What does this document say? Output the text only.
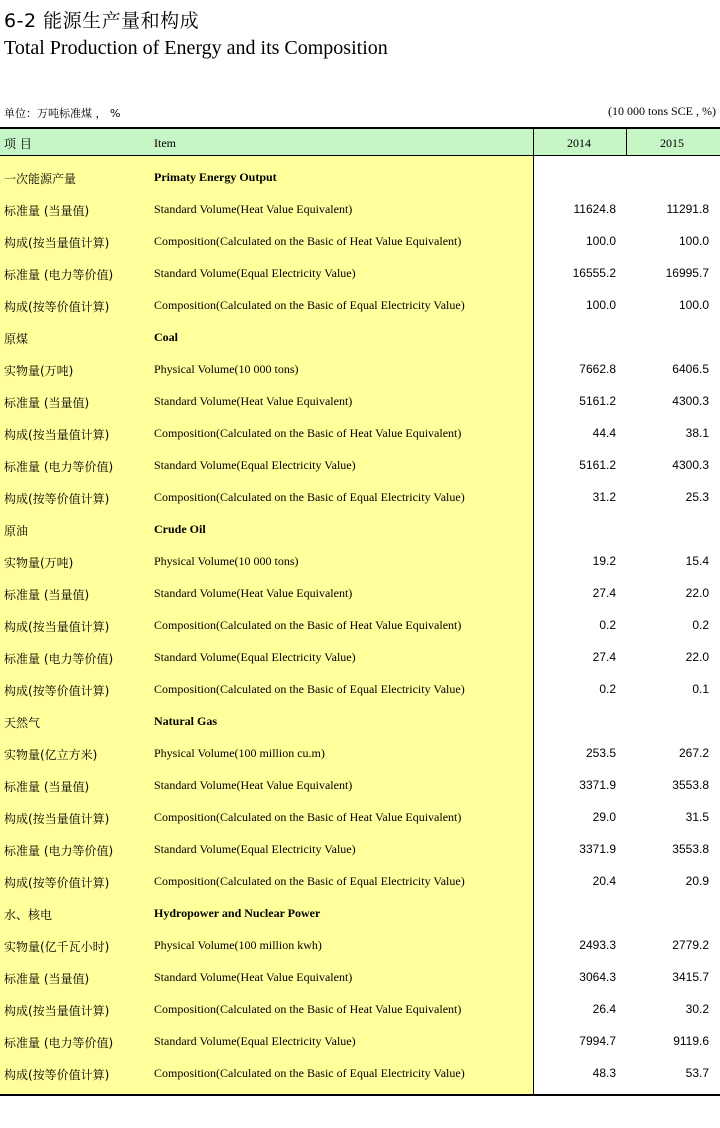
6-2 能源生产量和构成
Total Production of Energy and its Composition
单位：万吨标准煤 ， %	(10 000 tons SCE , %)
项 目	Item	2014	2015
一次能源产量	Primaty Energy Output
标准量 (当量值)	Standard Volume(Heat Value Equivalent)	11624.8	11291.8
构成(按当量值计算)	Composition(Calculated on the Basic of Heat Value Equivalent)	100.0	100.0
标准量 (电力等价值)	Standard Volume(Equal Electricity Value)	16555.2	16995.7
构成(按等价值计算)	Composition(Calculated on the Basic of Equal Electricity Value)	100.0	100.0
原煤	Coal
实物量(万吨)	Physical Volume(10 000 tons)	7662.8	6406.5
标准量 (当量值)	Standard Volume(Heat Value Equivalent)	5161.2	4300.3
构成(按当量值计算)	Composition(Calculated on the Basic of Heat Value Equivalent)	44.4	38.1
标准量 (电力等价值)	Standard Volume(Equal Electricity Value)	5161.2	4300.3
构成(按等价值计算)	Composition(Calculated on the Basic of Equal Electricity Value)	31.2	25.3
原油	Crude Oil
实物量(万吨)	Physical Volume(10 000 tons)	19.2	15.4
标准量 (当量值)	Standard Volume(Heat Value Equivalent)	27.4	22.0
构成(按当量值计算)	Composition(Calculated on the Basic of Heat Value Equivalent)	0.2	0.2
标准量 (电力等价值)	Standard Volume(Equal Electricity Value)	27.4	22.0
构成(按等价值计算)	Composition(Calculated on the Basic of Equal Electricity Value)	0.2	0.1
天然气	Natural Gas
实物量(亿立方米)	Physical Volume(100 million cu.m)	253.5	267.2
标准量 (当量值)	Standard Volume(Heat Value Equivalent)	3371.9	3553.8
构成(按当量值计算)	Composition(Calculated on the Basic of Heat Value Equivalent)	29.0	31.5
标准量 (电力等价值)	Standard Volume(Equal Electricity Value)	3371.9	3553.8
构成(按等价值计算)	Composition(Calculated on the Basic of Equal Electricity Value)	20.4	20.9
水、核电	Hydropower and Nuclear Power
实物量(亿千瓦小时)	Physical Volume(100 million kwh)	2493.3	2779.2
标准量 (当量值)	Standard Volume(Heat Value Equivalent)	3064.3	3415.7
构成(按当量值计算)	Composition(Calculated on the Basic of Heat Value Equivalent)	26.4	30.2
标准量 (电力等价值)	Standard Volume(Equal Electricity Value)	7994.7	9119.6
构成(按等价值计算)	Composition(Calculated on the Basic of Equal Electricity Value)	48.3	53.7
